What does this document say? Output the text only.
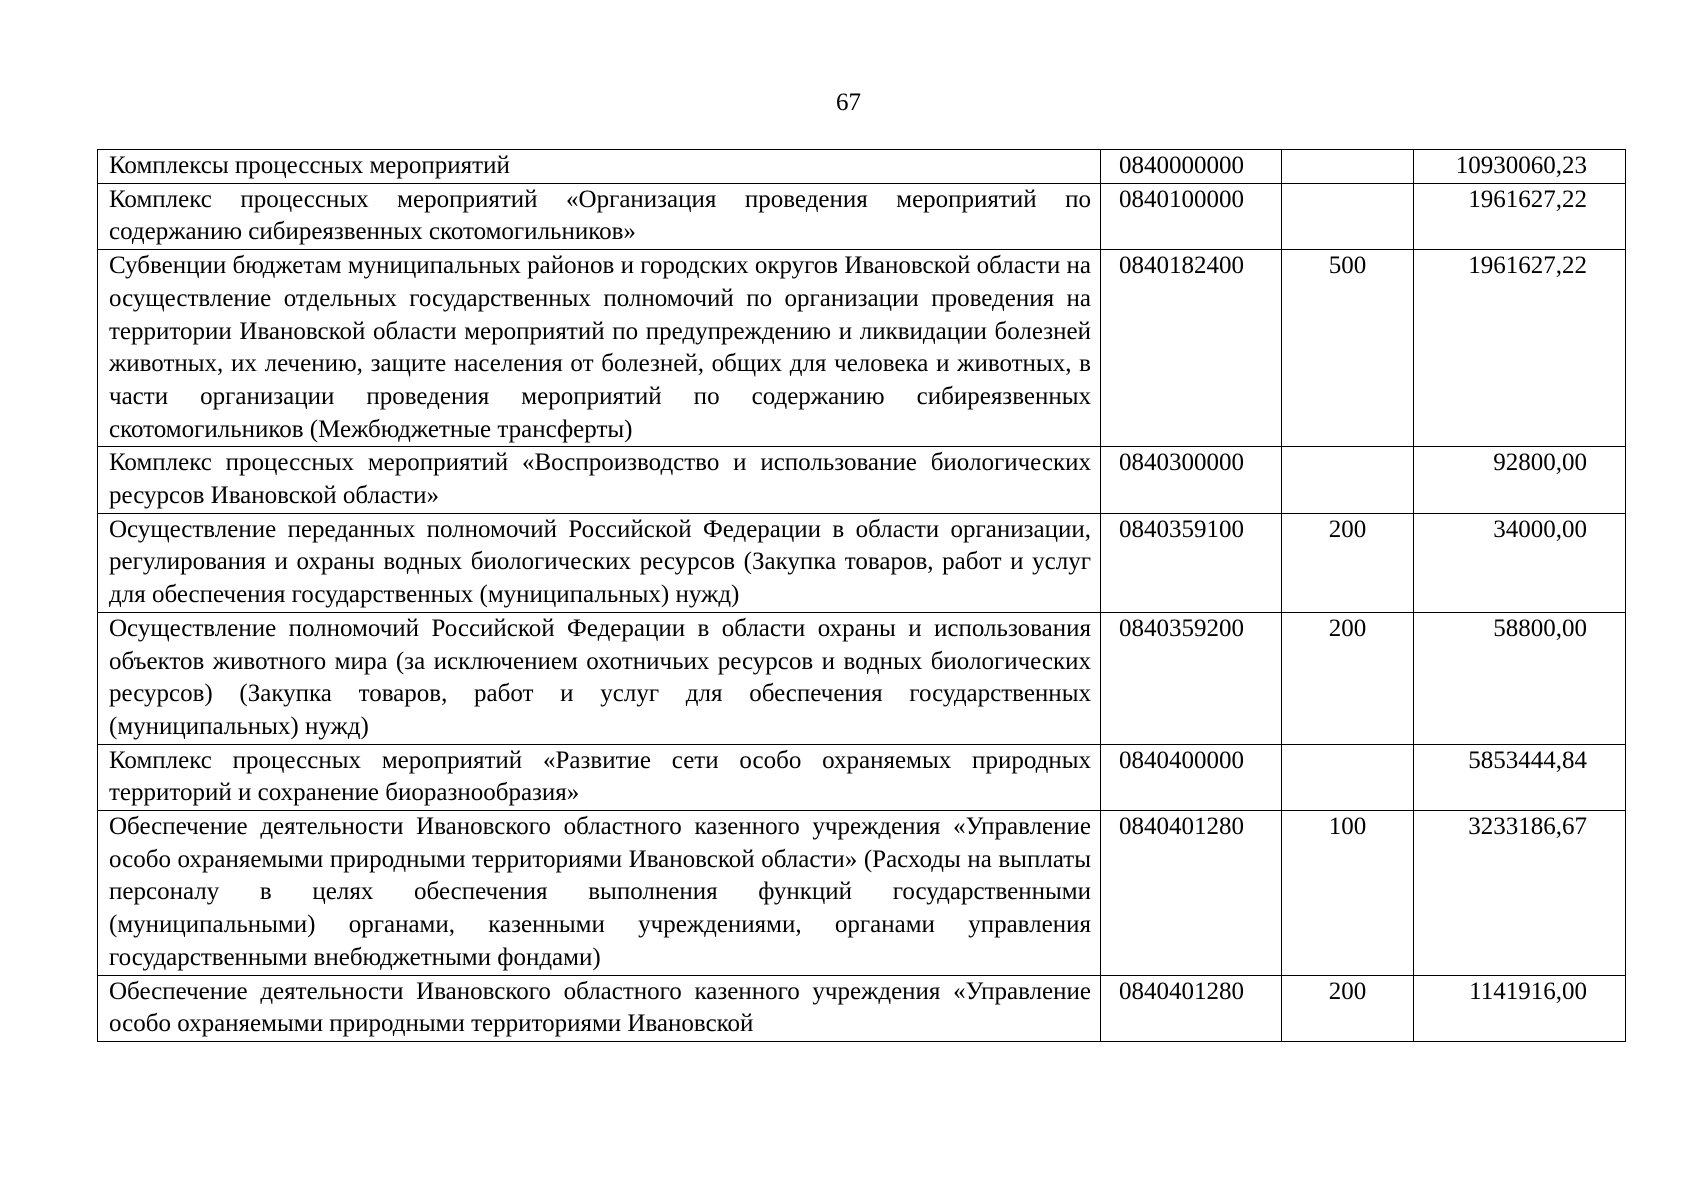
67
Комплексы процессных мероприятий	0840000000		10930060,23
Комплекс процессных мероприятий «Организация проведения мероприятий по содержанию сибиреязвенных скотомогильников»	0840100000		1961627,22
Субвенции бюджетам муниципальных районов и городских округов Ивановской области на осуществление отдельных государственных полномочий по организации проведения на территории Ивановской области мероприятий по предупреждению и ликвидации болезней животных, их лечению, защите населения от болезней, общих для человека и животных, в части организации проведения мероприятий по содержанию сибиреязвенных скотомогильников (Межбюджетные трансферты)	0840182400	500	1961627,22
Комплекс процессных мероприятий «Воспроизводство и использование биологических ресурсов Ивановской области»	0840300000		92800,00
Осуществление переданных полномочий Российской Федерации в области организации, регулирования и охраны водных биологических ресурсов (Закупка товаров, работ и услуг для обеспечения государственных (муниципальных) нужд)	0840359100	200	34000,00
Осуществление полномочий Российской Федерации в области охраны и использования объектов животного мира (за исключением охотничьих ресурсов и водных биологических ресурсов) (Закупка товаров, работ и услуг для обеспечения государственных (муниципальных) нужд)	0840359200	200	58800,00
Комплекс процессных мероприятий «Развитие сети особо охраняемых природных территорий и сохранение биоразнообразия»	0840400000		5853444,84
Обеспечение деятельности Ивановского областного казенного учреждения «Управление особо охраняемыми природными территориями Ивановской области» (Расходы на выплаты персоналу в целях обеспечения выполнения функций государственными (муниципальными) органами, казенными учреждениями, органами управления государственными внебюджетными фондами)	0840401280	100	3233186,67
Обеспечение деятельности Ивановского областного казенного учреждения «Управление особо охраняемыми природными территориями Ивановской	0840401280	200	1141916,00
